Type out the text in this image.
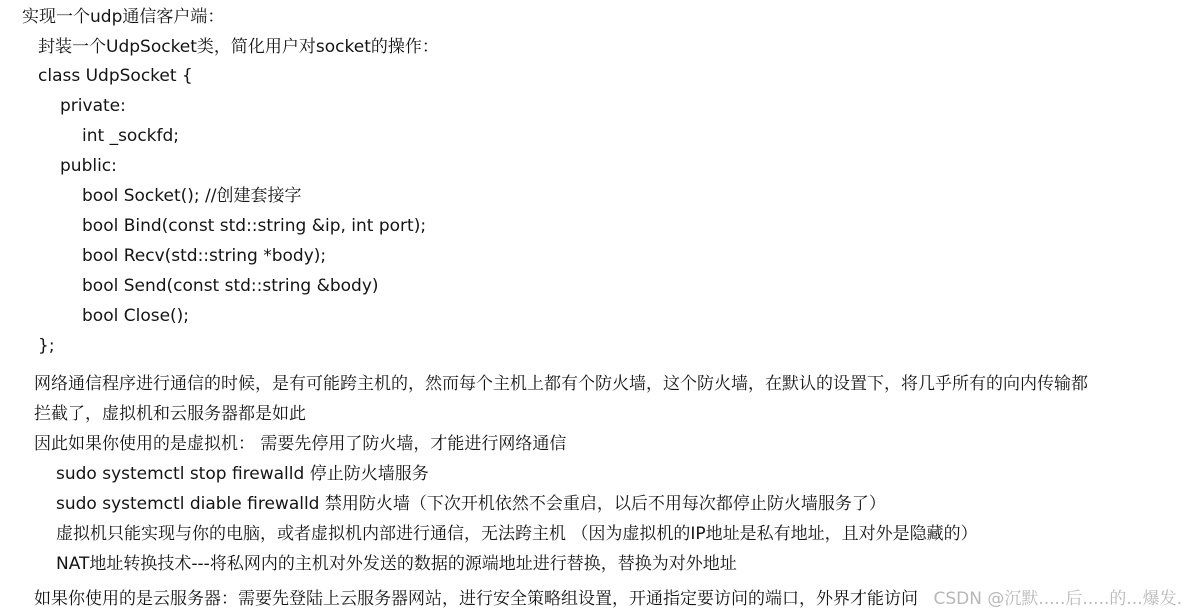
实现一个udp通信客户端：
封装一个UdpSocket类，简化用户对socket的操作：
class UdpSocket {
private:
int _sockfd;
public:
bool Socket(); //创建套接字
bool Bind(const std::string &ip, int port);
bool Recv(std::string *body);
bool Send(const std::string &body)
bool Close();
};
网络通信程序进行通信的时候，是有可能跨主机的，然而每个主机上都有个防火墙，这个防火墙，在默认的设置下，将几乎所有的向内传输都
拦截了，虚拟机和云服务器都是如此
因此如果你使用的是虚拟机： 需要先停用了防火墙，才能进行网络通信
sudo systemctl stop firewalld 停止防火墙服务
sudo systemctl diable firewalld 禁用防火墙（下次开机依然不会重启，以后不用每次都停止防火墙服务了）
虚拟机只能实现与你的电脑，或者虚拟机内部进行通信，无法跨主机 （因为虚拟机的IP地址是私有地址，且对外是隐藏的）
NAT地址转换技术---将私网内的主机对外发送的数据的源端地址进行替换，替换为对外地址
如果你使用的是云服务器：需要先登陆上云服务器网站，进行安全策略组设置，开通指定要访问的端口，外界才能访问 CSDN @沉默.....后.....的...爆发.
